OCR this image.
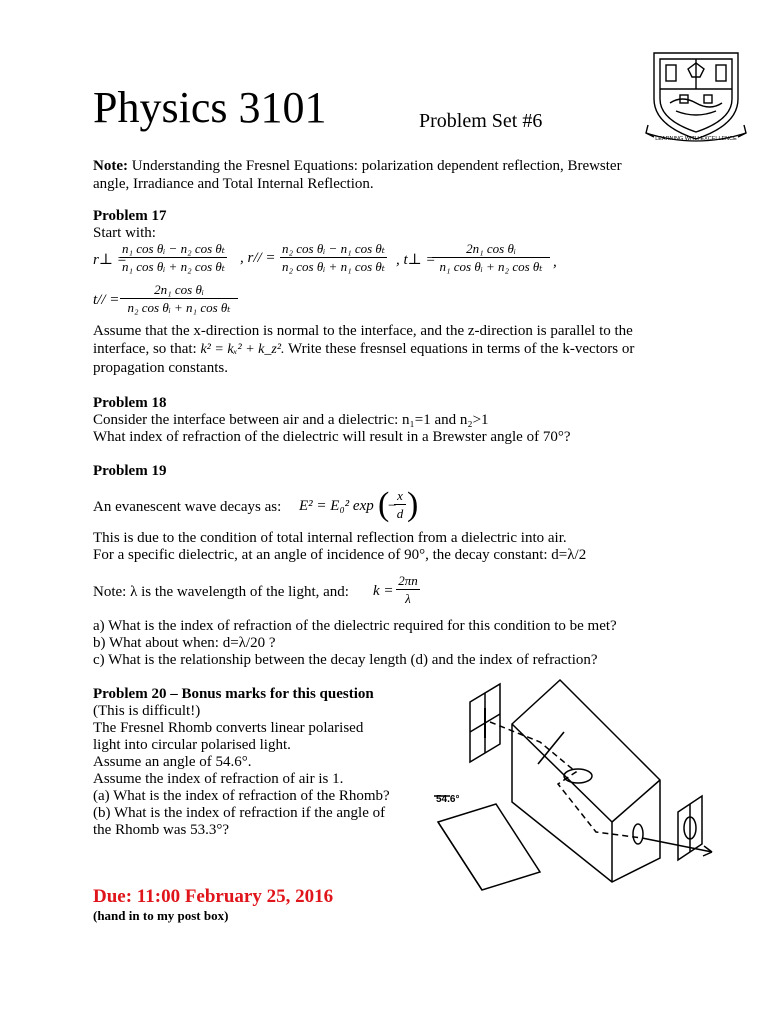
Physics 3101	Problem Set #6
LEARNING WITH EXCELLENCE
Note: Understanding the Fresnel Equations: polarization dependent reflection, Brewster
angle, Irradiance and Total Internal Reflection.
Problem 17
Start with:
r⊥ =
$\frac{\text{n₁ cos θᵢ − n₂ cos θₜ}}{\text{n₁ cos θᵢ + n₂ cos θₜ}}$ , $r// = \frac{\text{n₂ cos θᵢ − n₁ cos θₜ}}{\text{n₂ cos θᵢ + n₁ cos θₜ}}$ , t⊥ =
$\frac{\text{2n₁ cos θᵢ}}{\text{n₁ cos θᵢ + n₂ cos θₜ}}$ ,
$t// = \frac{\text{2n₁ cos θᵢ}}{\text{n₂ cos θᵢ + n₁ cos θₜ}}$
Assume that the x-direction is normal to the interface, and the z-direction is parallel to the
interface, so that: k² = kₓ² + k_z². Write these fresnsel equations in terms of the k-vectors or
propagation constants.
Problem 18
Consider the interface between air and a dielectric: n₁=1 and n₂>1
What index of refraction of the dielectric will result in a Brewster angle of 70°?
Problem 19
An evanescent wave decays as: E² = E₀² exp (
−
$\frac{x}{d}$ )
This is due to the condition of total internal reflection from a dielectric into air.
For a specific dielectric, at an angle of incidence of 90°, the decay constant: d=λ/2
Note: λ is the wavelength of the light, and: $k = \frac{2\pi n}{\lambda}$
a) What is the index of refraction of the dielectric required for this condition to be met?
b) What about when: d=λ/20 ?
c) What is the relationship between the decay length (d) and the index of refraction?
Problem 20 – Bonus marks for this question
(This is difficult!)
The Fresnel Rhomb converts linear polarised
light into circular polarised light.
Assume an angle of 54.6°.
Assume the index of refraction of air is 1.
(a) What is the index of refraction of the Rhomb?
(b) What is the index of refraction if the angle of
the Rhomb was 53.3°?
54.6°
Due: 11:00 February 25, 2016
(hand in to my post box)
